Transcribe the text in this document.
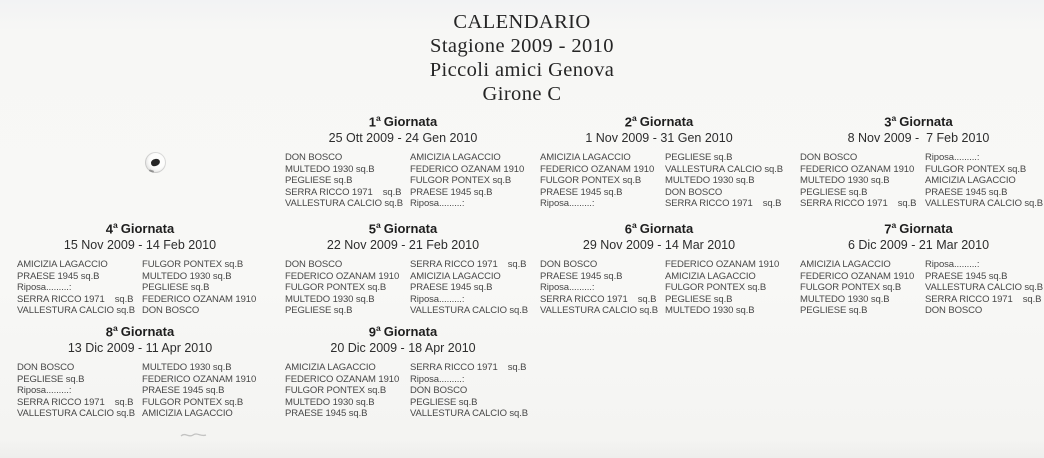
CALENDARIO
Stagione 2009 - 2010
Piccoli amici Genova
Girone C
1$^a$ Giornata
25 Ott 2009 - 24 Gen 2010
DON BOSCO
MULTEDO 1930 sq.B
PEGLIESE sq.B
SERRA RICCO 1971    sq.B
VALLESTURA CALCIO sq.B
AMICIZIA LAGACCIO
FEDERICO OZANAM 1910
FULGOR PONTEX sq.B
PRAESE 1945 sq.B
Riposa.........:
2$^a$ Giornata
1 Nov 2009 - 31 Gen 2010
AMICIZIA LAGACCIO
FEDERICO OZANAM 1910
FULGOR PONTEX sq.B
PRAESE 1945 sq.B
Riposa.........:
PEGLIESE sq.B
VALLESTURA CALCIO sq.B
MULTEDO 1930 sq.B
DON BOSCO
SERRA RICCO 1971    sq.B
3$^a$ Giornata
8 Nov 2009 -  7 Feb 2010
DON BOSCO
FEDERICO OZANAM 1910
MULTEDO 1930 sq.B
PEGLIESE sq.B
SERRA RICCO 1971    sq.B
Riposa.........:
FULGOR PONTEX sq.B
AMICIZIA LAGACCIO
PRAESE 1945 sq.B
VALLESTURA CALCIO sq.B
4$^a$ Giornata
15 Nov 2009 - 14 Feb 2010
AMICIZIA LAGACCIO
PRAESE 1945 sq.B
Riposa.........:
SERRA RICCO 1971    sq.B
VALLESTURA CALCIO sq.B
FULGOR PONTEX sq.B
MULTEDO 1930 sq.B
PEGLIESE sq.B
FEDERICO OZANAM 1910
DON BOSCO
5$^a$ Giornata
22 Nov 2009 - 21 Feb 2010
DON BOSCO
FEDERICO OZANAM 1910
FULGOR PONTEX sq.B
MULTEDO 1930 sq.B
PEGLIESE sq.B
SERRA RICCO 1971    sq.B
AMICIZIA LAGACCIO
PRAESE 1945 sq.B
Riposa.........:
VALLESTURA CALCIO sq.B
6$^a$ Giornata
29 Nov 2009 - 14 Mar 2010
DON BOSCO
PRAESE 1945 sq.B
Riposa.........:
SERRA RICCO 1971    sq.B
VALLESTURA CALCIO sq.B
FEDERICO OZANAM 1910
AMICIZIA LAGACCIO
FULGOR PONTEX sq.B
PEGLIESE sq.B
MULTEDO 1930 sq.B
7$^a$ Giornata
6 Dic 2009 - 21 Mar 2010
AMICIZIA LAGACCIO
FEDERICO OZANAM 1910
FULGOR PONTEX sq.B
MULTEDO 1930 sq.B
PEGLIESE sq.B
Riposa.........:
PRAESE 1945 sq.B
VALLESTURA CALCIO sq.B
SERRA RICCO 1971    sq.B
DON BOSCO
8$^a$ Giornata
13 Dic 2009 - 11 Apr 2010
DON BOSCO
PEGLIESE sq.B
Riposa.........:
SERRA RICCO 1971    sq.B
VALLESTURA CALCIO sq.B
MULTEDO 1930 sq.B
FEDERICO OZANAM 1910
PRAESE 1945 sq.B
FULGOR PONTEX sq.B
AMICIZIA LAGACCIO
9$^a$ Giornata
20 Dic 2009 - 18 Apr 2010
AMICIZIA LAGACCIO
FEDERICO OZANAM 1910
FULGOR PONTEX sq.B
MULTEDO 1930 sq.B
PRAESE 1945 sq.B
SERRA RICCO 1971    sq.B
Riposa.........:
DON BOSCO
PEGLIESE sq.B
VALLESTURA CALCIO sq.B
